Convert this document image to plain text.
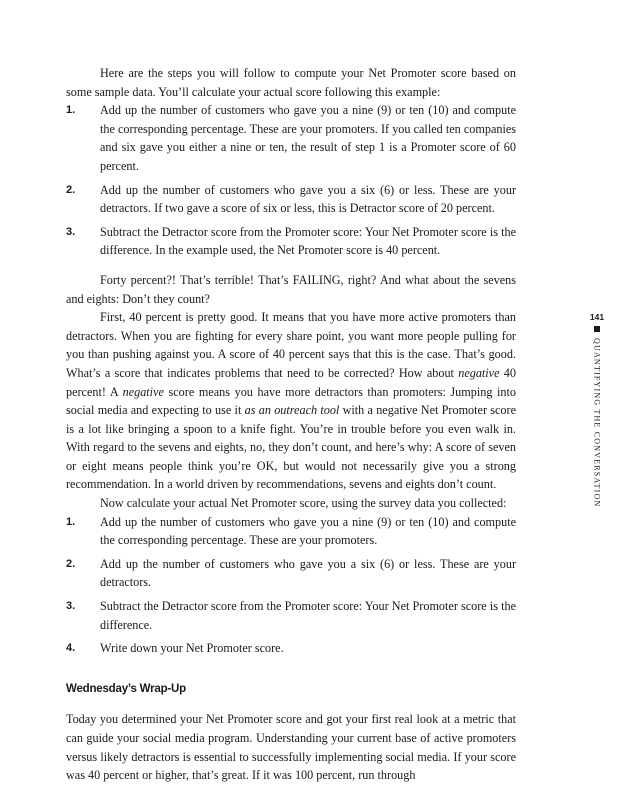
Here are the steps you will follow to compute your Net Promoter score based on some sample data. You’ll calculate your actual score following this example:

1.	Add up the number of customers who gave you a nine (9) or ten (10) and compute the corresponding percentage. These are your promoters. If you called ten companies and six gave you either a nine or ten, the result of step 1 is a Promoter score of 60 percent.
2.	Add up the number of customers who gave you a six (6) or less. These are your detractors. If two gave a score of six or less, this is Detractor score of 20 percent.
3.	Subtract the Detractor score from the Promoter score: Your Net Promoter score is the difference. In the example used, the Net Promoter score is 40 percent.

Forty percent?! That’s terrible! That’s FAILING, right? And what about the sevens and eights: Don’t they count?

First, 40 percent is pretty good. It means that you have more active promoters than detractors. When you are fighting for every share point, you want more people pulling for you than pushing against you. A score of 40 percent says that this is the case. That’s good. What’s a score that indicates problems that need to be corrected? How about negative 40 percent! A negative score means you have more detractors than promoters: Jumping into social media and expecting to use it as an outreach tool with a negative Net Promoter score is a lot like bringing a spoon to a knife fight. You’re in trouble before you even walk in. With regard to the sevens and eights, no, they don’t count, and here’s why: A score of seven or eight means people think you’re OK, but would not necessarily give you a strong recommendation. In a world driven by recommendations, sevens and eights don’t count.

Now calculate your actual Net Promoter score, using the survey data you collected:

1.	Add up the number of customers who gave you a nine (9) or ten (10) and compute the corresponding percentage. These are your promoters.
2.	Add up the number of customers who gave you a six (6) or less. These are your detractors.
3.	Subtract the Detractor score from the Promoter score: Your Net Promoter score is the difference.
4.	Write down your Net Promoter score.
Wednesday’s Wrap-Up

Today you determined your Net Promoter score and got your first real look at a metric that can guide your social media program. Understanding your current base of active promoters versus likely detractors is essential to successfully implementing social media. If your score was 40 percent or higher, that’s great. If it was 100 percent, run through

141
QUANTIFYING THE CONVERSATION
